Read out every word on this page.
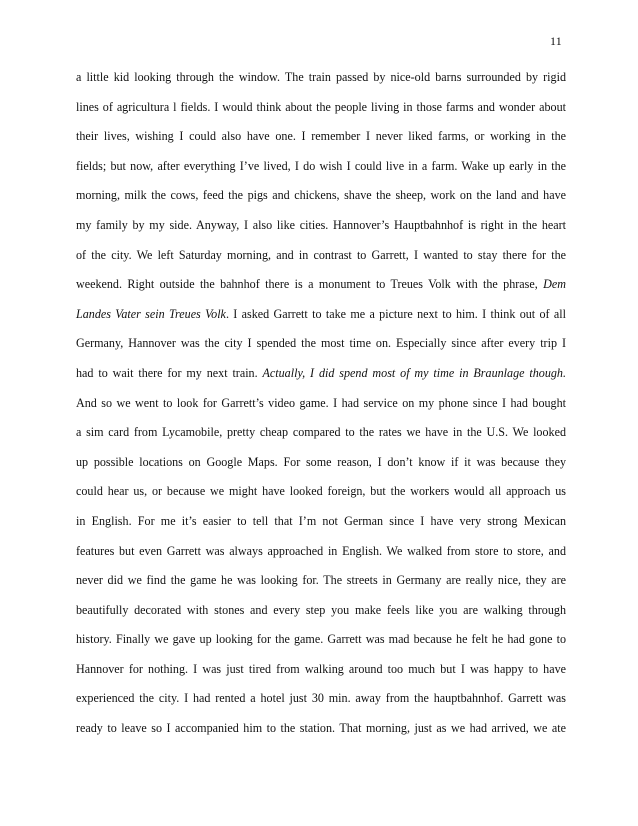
11
a little kid looking through the window. The train passed by nice-old barns surrounded by rigid
lines of agricultura l fields. I would think about the people living in those farms and wonder about
their lives, wishing I could also have one. I remember I never liked farms, or working in the
fields; but now, after everything I’ve lived, I do wish I could live in a farm. Wake up early in the
morning, milk the cows, feed the pigs and chickens, shave the sheep, work on the land and have
my family by my side. Anyway, I also like cities. Hannover’s Hauptbahnhof is right in the heart
of the city. We left Saturday morning, and in contrast to Garrett, I wanted to stay there for the
weekend. Right outside the bahnhof there is a monument to Treues Volk with the phrase, Dem
Landes Vater sein Treues Volk. I asked Garrett to take me a picture next to him. I think out of all
Germany, Hannover was the city I spended the most time on. Especially since after every trip I
had to wait there for my next train. Actually, I did spend most of my time in Braunlage though.
And so we went to look for Garrett’s video game. I had service on my phone since I had bought
a sim card from Lycamobile, pretty cheap compared to the rates we have in the U.S. We looked
up possible locations on Google Maps. For some reason, I don’t know if it was because they
could hear us, or because we might have looked foreign, but the workers would all approach us
in English. For me it’s easier to tell that I’m not German since I have very strong Mexican
features but even Garrett was always approached in English. We walked from store to store, and
never did we find the game he was looking for. The streets in Germany are really nice, they are
beautifully decorated with stones and every step you make feels like you are walking through
history. Finally we gave up looking for the game. Garrett was mad because he felt he had gone to
Hannover for nothing. I was just tired from walking around too much but I was happy to have
experienced the city. I had rented a hotel just 30 min. away from the hauptbahnhof. Garrett was
ready to leave so I accompanied him to the station. That morning, just as we had arrived, we ate
